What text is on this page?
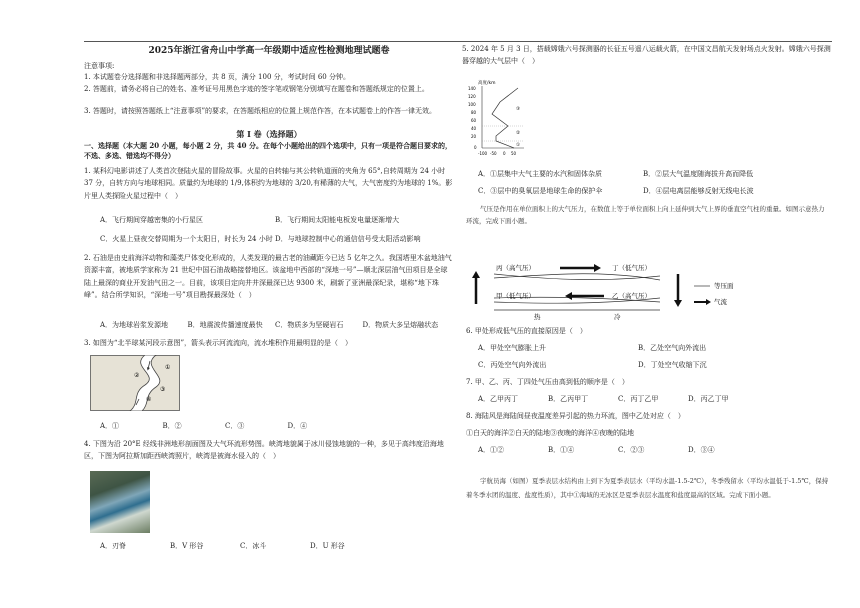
2025年浙江省舟山中学高一年级期中适应性检测地理试题卷
注意事项:
1. 本试题卷分选择题和非选择题两部分，共 8 页，满分 100 分，考试时间 60 分钟。
2. 答题前，请务必将自己的姓名、准考证号用黑色字迹的签字笔或钢笔分别填写在题卷和答题纸规定的位置上。
3. 答题时，请按照答题纸上“注意事项”的要求，在答题纸相应的位置上规范作答，在本试题卷上的作答一律无效。
第 I 卷（选择题）
一、选择题（本大题 20 小题，每小题 2 分，共 40 分。在每个小题给出的四个选项中，只有一项是符合题目要求的，不选、多选、错选均不得分）
1. 某科幻电影讲述了人类首次登陆火星的冒险故事。火星的自转轴与其公转轨道面的夹角为 65°,自转周期为 24 小时 37 分，自转方向与地球相同。质量约为地球的 1/9,体积约为地球的 3/20,有稀薄的大气，大气密度约为地球的 1%。影片里人类探险火星过程中（　）
A．飞行期间穿越密集的小行星区	B．飞行期间太阳能电板发电量逐渐增大
C．火星上昼夜交替周期为一个太阳日，时长为 24 小时 D．与地球控制中心的通信信号受太阳活动影响
2. 石油是由史前海洋动物和藻类尸体变化形成的，人类发现的最古老的油藏距今已达 5 亿年之久。我国塔里木盆地油气资源丰富，被地质学家称为 21 世纪中国石油战略接替地区。该盆地中西部的“深地一号”—顺北深层油气田项目是全球陆上最深的商业开发油气田之一。目前，该项目定向井井深最深已达 9300 米，刷新了亚洲最深纪录，堪称“地下珠峰”。结合所学知识，“深地一号”项目勘探最深处（　）
A．为地球岩浆发源地	B．地震波传播速度最快	C．物质多为坚硬岩石	D．物质大多呈熔融状态
3. 如图为“北半球某河段示意图”，箭头表示河流流向，流水堆积作用最明显的是（　）
①
②
③
④
A．①	B．②	C．③	D．④
4. 下图为沿 20°E 经线非洲地形剖面图及大气环流形势图。峡湾地貌属于冰川侵蚀地貌的一种，多见于高纬度沿海地区，下图为阿拉斯加距西峡湾照片，峡湾是被海水侵入的（　）
A．刃脊	B．V 形谷	C．冰斗	D．U 形谷
5. 2024 年 5 月 3 日，搭载嫦娥六号探测器的长征五号遥八运载火箭，在中国文昌航天发射场点火发射。嫦娥六号探测器穿越的大气层中（　）
高度/km
140
120
100
80
60
40
20
0
-100 -50 0 50
③
②
①
A．①层集中大气主要的水汽和固体杂质	B．②层大气温度随海拔升高而降低
C．③层中的臭氧层是地球生命的保护伞	D．④层电离层能够反射无线电长波
气压是作用在单位面积上的大气压力，在数值上等于单位面积上向上延伸到大气上界的垂直空气柱的重量。如图示意热力环流，完成下面小题。
丙（高气压）	丁（低气压）
甲（低气压）	乙（高气压）
热	冷
等压面
气流
6. 甲处形成低气压的直接原因是（　）
A．甲处空气膨胀上升	B．乙处空气向外流出
C．丙处空气向外流出	D．丁处空气收缩下沉
7. 甲、乙、丙、丁四处气压由高到低的顺序是（　）
A．乙甲丙丁	B．乙丙甲丁	C．丙丁乙甲	D．丙乙丁甲
8. 海陆风是海陆间昼夜温度差异引起的热力环流，图中乙处对应（　）
①白天的海洋②白天的陆地③夜晚的海洋④夜晚的陆地
A．①②	B．①④	C．②③	D．③④
宇航员海（如图）夏季表层水结构由上到下为夏季表层水（平均水温-1.5-2℃），冬季残留水（平均水温低于-1.5℃，保持着冬季水团的温度、盐度性质），其中①海域的无冰区是夏季表层水温度和盐度最高的区域。完成下面小题。
